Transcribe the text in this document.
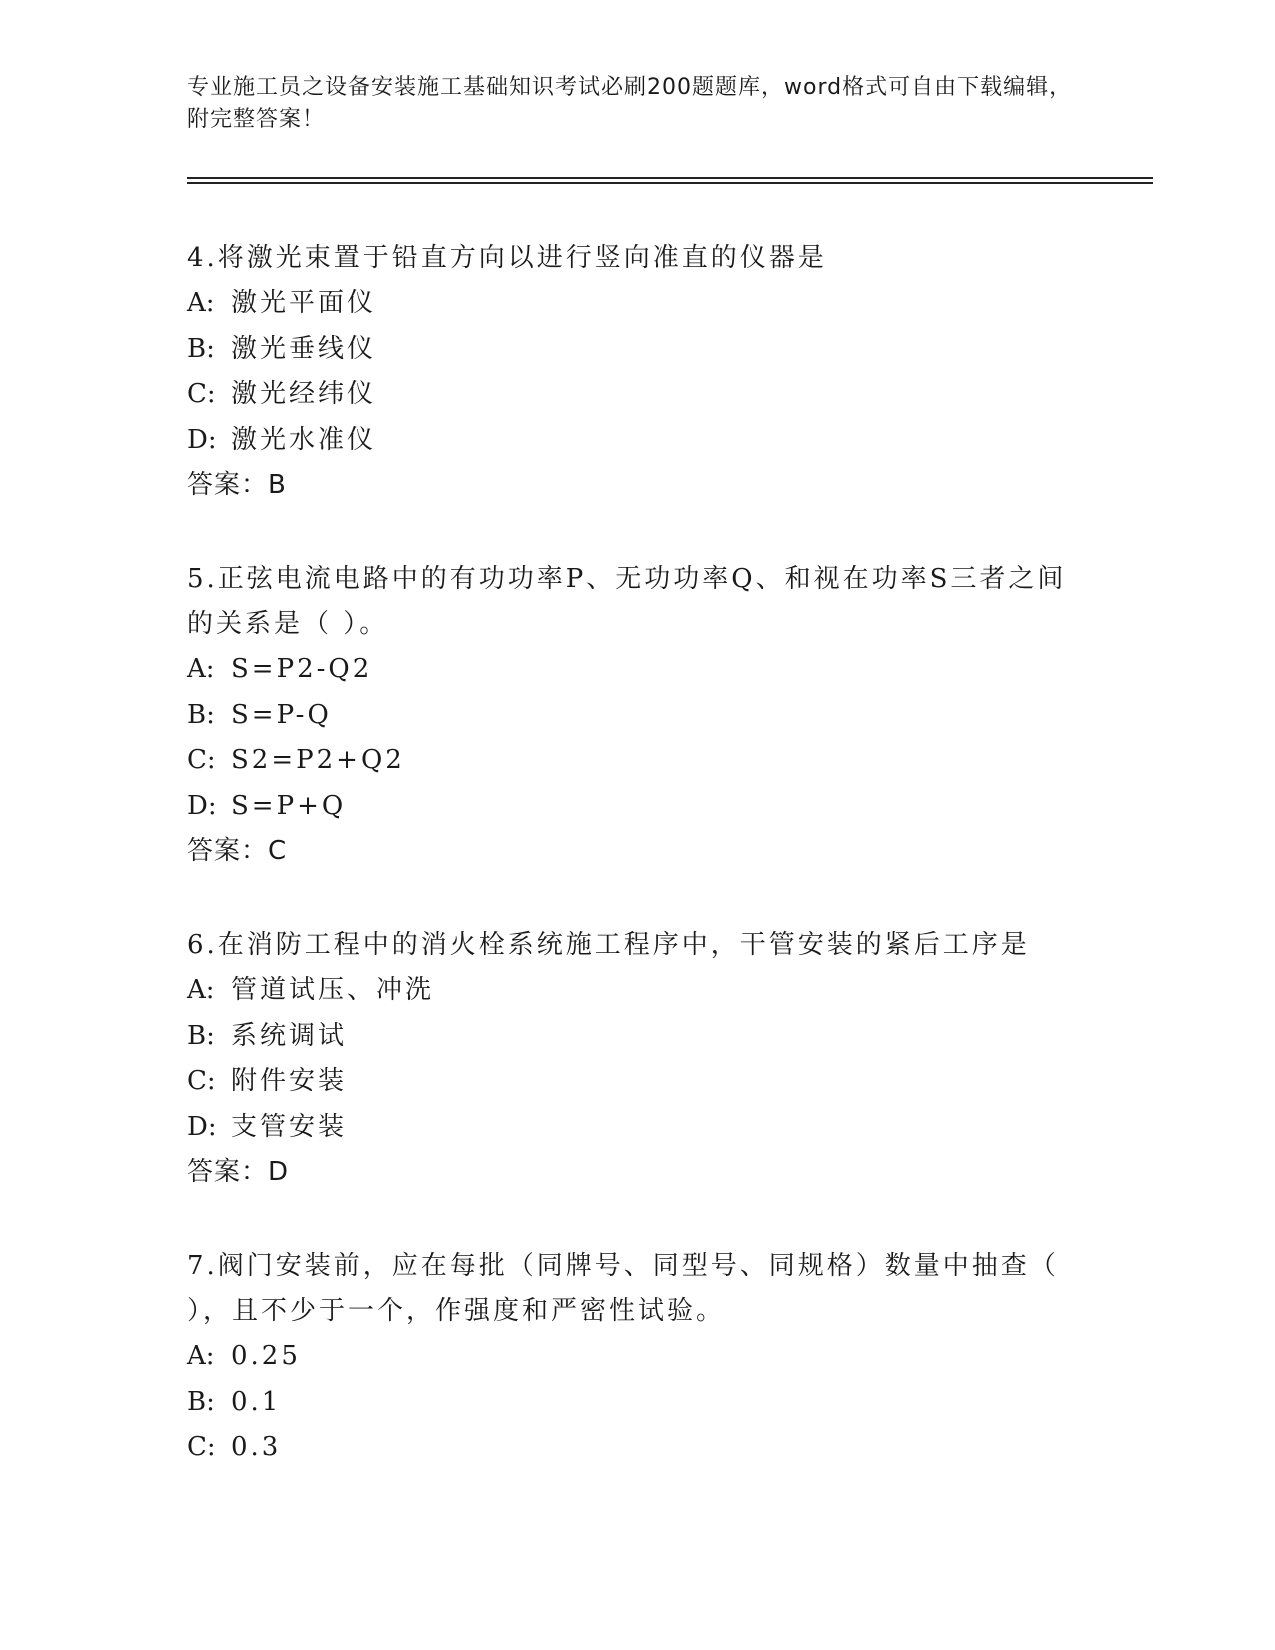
专业施工员之设备安装施工基础知识考试必刷200题题库，word格式可自由下载编辑，附完整答案！
4.将激光束置于铅直方向以进行竖向准直的仪器是
A: 激光平面仪
B: 激光垂线仪
C: 激光经纬仪
D: 激光水准仪
答案：B
5.正弦电流电路中的有功功率P、无功功率Q、和视在功率S三者之间的关系是（ ）。
A: S=P2-Q2
B: S=P-Q
C: S2=P2+Q2
D: S=P+Q
答案：C
6.在消防工程中的消火栓系统施工程序中，干管安装的紧后工序是
A: 管道试压、冲洗
B: 系统调试
C: 附件安装
D: 支管安装
答案：D
7.阀门安装前，应在每批（同牌号、同型号、同规格）数量中抽查（ ），且不少于一个，作强度和严密性试验。
A: 0.25
B: 0.1
C: 0.3
